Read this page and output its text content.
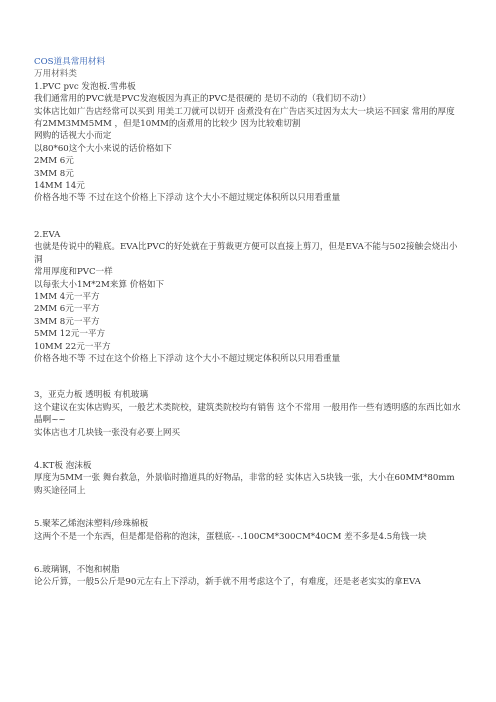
COS道具常用材料

万用材料类

1.PVC pvc 发泡板.雪弗板

我们通常用的PVC就是PVC发泡板因为真正的PVC是很硬的 是切不动的（我们切不动!）

实体店比如广告店经常可以买到 用美工刀就可以切开 卤煮没有在广告店买过因为太大一块运不回家 常用的厚度有2MM3MM5MM ，但是10MM的卤煮用的比较少 因为比较难切割

网购的话视大小而定

以80*60这个大小来说的话价格如下

2MM 6元

3MM 8元

14MM 14元

价格各地不等 不过在这个价格上下浮动 这个大小不超过规定体积所以只用看重量

2.EVA

也就是传说中的鞋底。EVA比PVC的好处就在于剪裁更方便可以直接上剪刀，但是EVA不能与502接触会烧出小洞

常用厚度和PVC一样

以每张大小1M*2M来算 价格如下

1MM 4元一平方

2MM 6元一平方

3MM 8元一平方

5MM 12元一平方

10MM 22元一平方

价格各地不等 不过在这个价格上下浮动 这个大小不超过规定体积所以只用看重量

3，亚克力板 透明板 有机玻璃

这个建议在实体店购买，一般艺术类院校，建筑类院校均有销售 这个不常用 一般用作一些有透明感的东西比如水晶啊~~

实体店也才几块钱一张没有必要上网买

4.KT板 泡沫板

厚度为5MM一张 舞台救急，外景临时撸道具的好物品，非常的轻 实体店入5块钱一张，大小在60MM*80mm 购买途径同上

5.聚苯乙烯泡沫塑料/珍珠棉板

这两个不是一个东西，但是都是俗称的泡沫，蛋糕底- -.100CM*300CM*40CM 差不多是4.5角钱一块

6.玻璃钢，不饱和树脂

论公斤算，一般5公斤是90元左右上下浮动，新手就不用考虑这个了，有难度，还是老老实实的拿EVA
